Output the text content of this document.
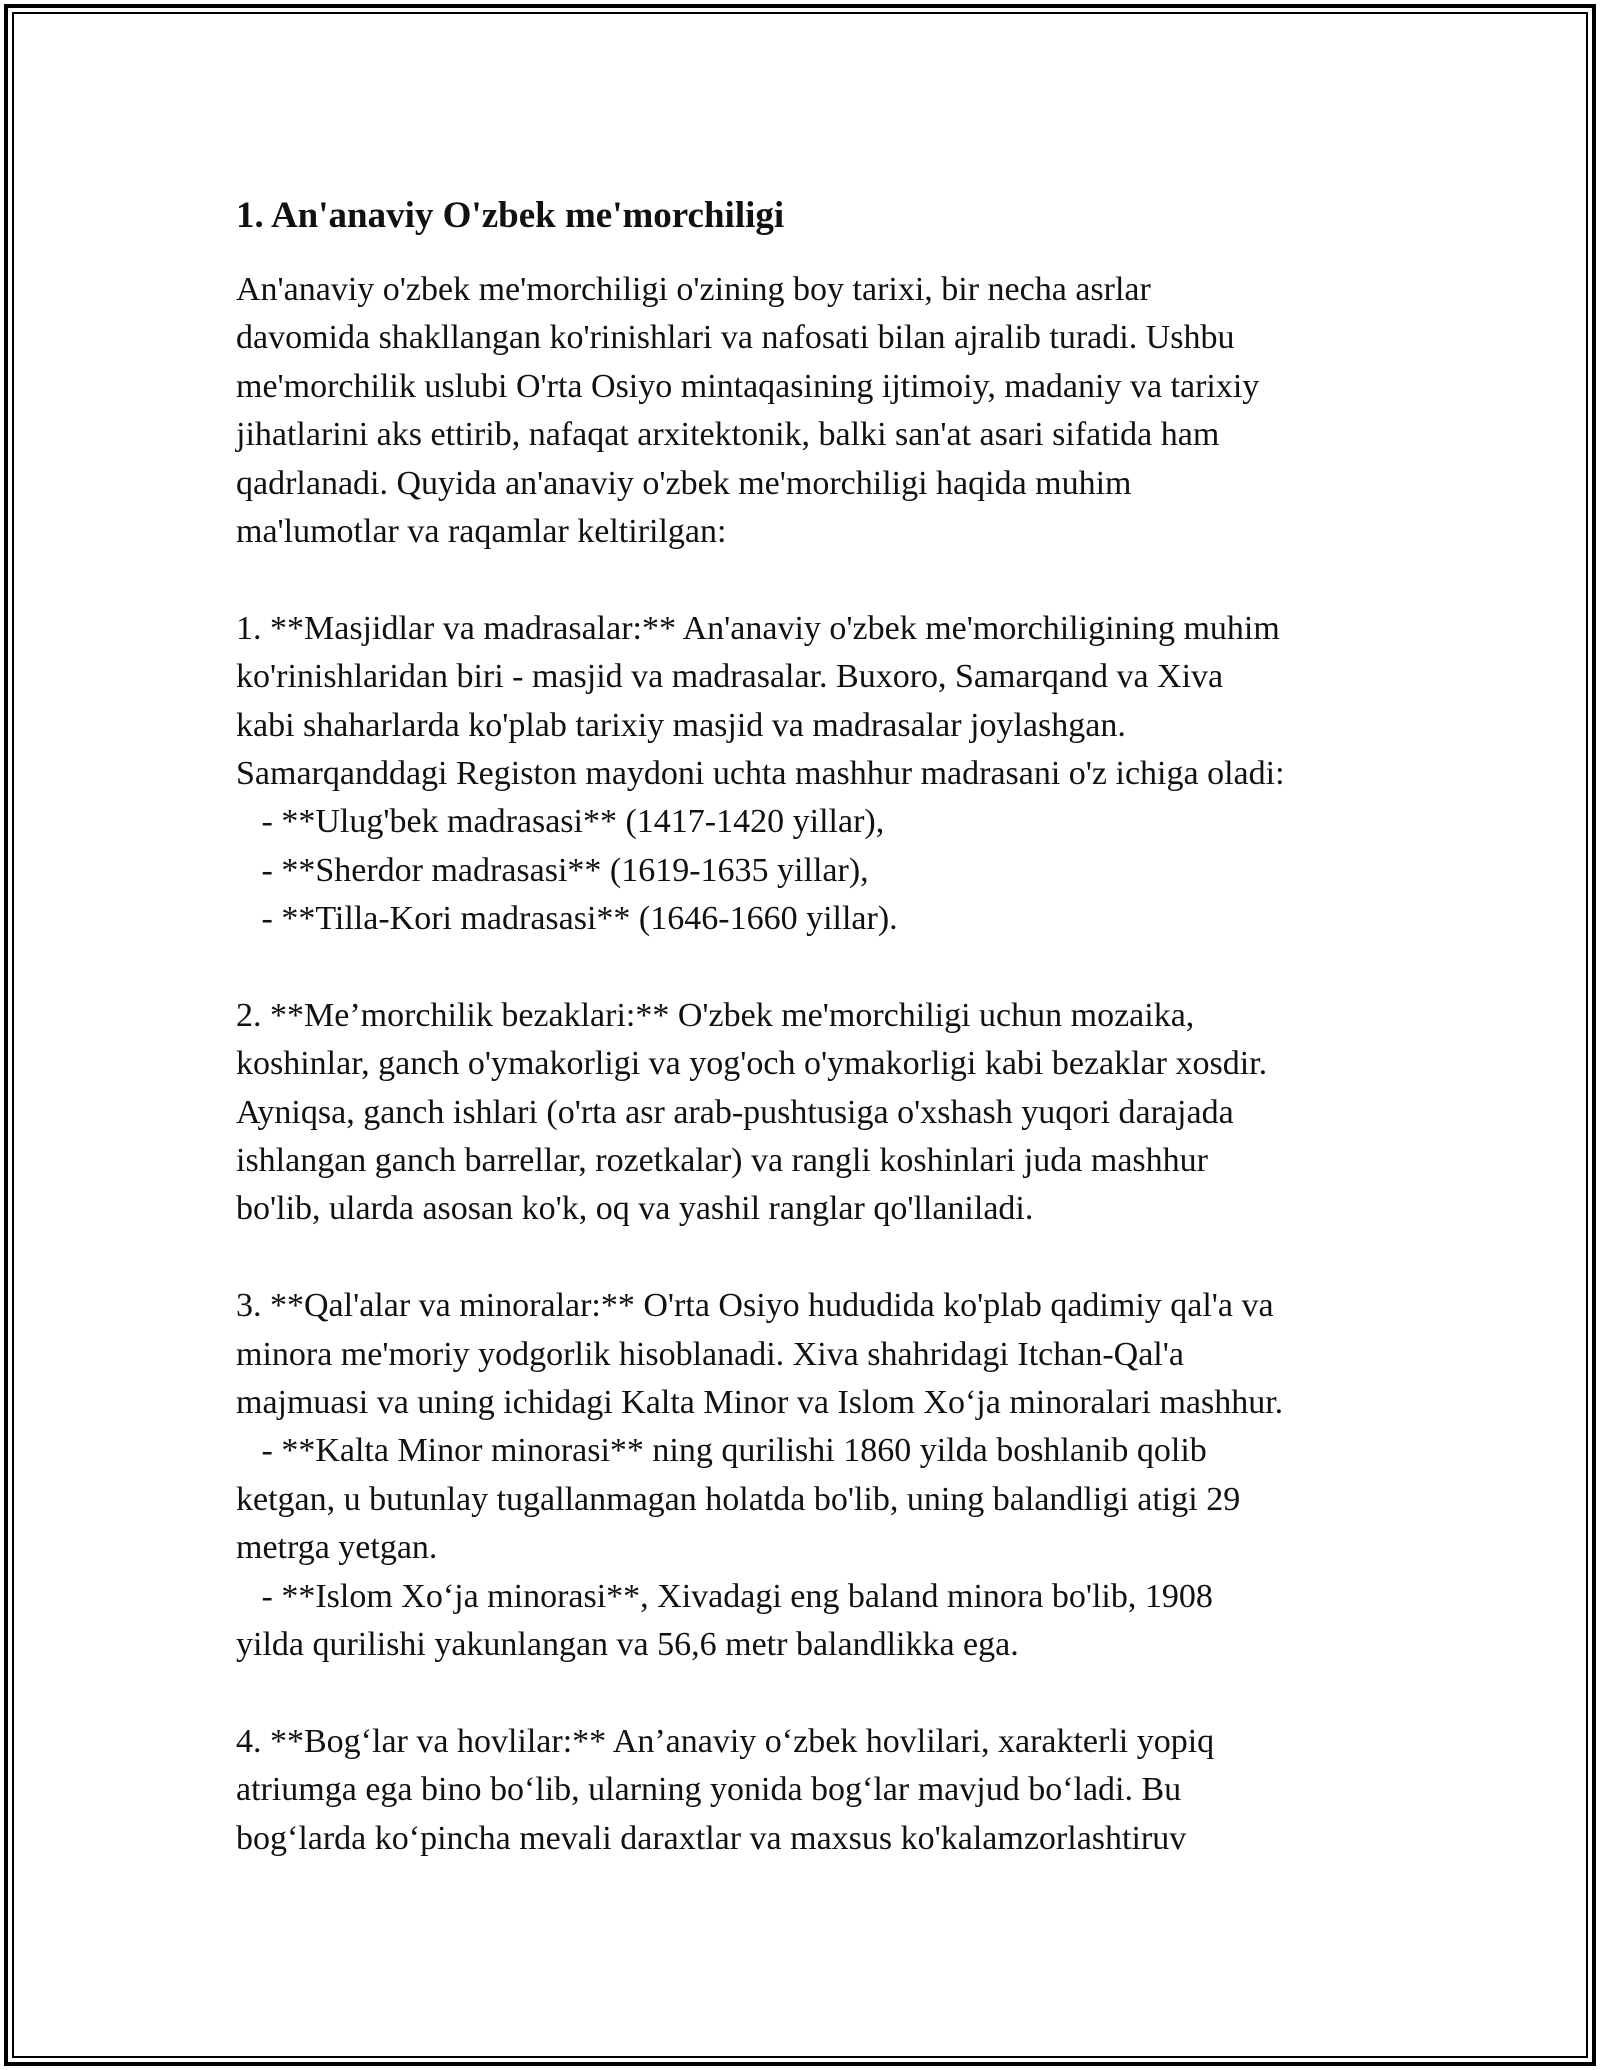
1. An'anaviy O'zbek me'morchiligi
An'anaviy o'zbek me'morchiligi o'zining boy tarixi, bir necha asrlar
davomida shakllangan ko'rinishlari va nafosati bilan ajralib turadi. Ushbu
me'morchilik uslubi O'rta Osiyo mintaqasining ijtimoiy, madaniy va tarixiy
jihatlarini aks ettirib, nafaqat arxitektonik, balki san'at asari sifatida ham
qadrlanadi. Quyida an'anaviy o'zbek me'morchiligi haqida muhim
ma'lumotlar va raqamlar keltirilgan:
1. **Masjidlar va madrasalar:** An'anaviy o'zbek me'morchiligining muhim
ko'rinishlaridan biri - masjid va madrasalar. Buxoro, Samarqand va Xiva
kabi shaharlarda ko'plab tarixiy masjid va madrasalar joylashgan.
Samarqanddagi Registon maydoni uchta mashhur madrasani o'z ichiga oladi:
- **Ulug'bek madrasasi** (1417-1420 yillar),
- **Sherdor madrasasi** (1619-1635 yillar),
- **Tilla-Kori madrasasi** (1646-1660 yillar).
2. **Me’morchilik bezaklari:** O'zbek me'morchiligi uchun mozaika,
koshinlar, ganch o'ymakorligi va yog'och o'ymakorligi kabi bezaklar xosdir.
Ayniqsa, ganch ishlari (o'rta asr arab-pushtusiga o'xshash yuqori darajada
ishlangan ganch barrellar, rozetkalar) va rangli koshinlari juda mashhur
bo'lib, ularda asosan ko'k, oq va yashil ranglar qo'llaniladi.
3. **Qal'alar va minoralar:** O'rta Osiyo hududida ko'plab qadimiy qal'a va
minora me'moriy yodgorlik hisoblanadi. Xiva shahridagi Itchan-Qal'a
majmuasi va uning ichidagi Kalta Minor va Islom Xo‘ja minoralari mashhur.
- **Kalta Minor minorasi** ning qurilishi 1860 yilda boshlanib qolib
ketgan, u butunlay tugallanmagan holatda bo'lib, uning balandligi atigi 29
metrga yetgan.
- **Islom Xo‘ja minorasi**, Xivadagi eng baland minora bo'lib, 1908
yilda qurilishi yakunlangan va 56,6 metr balandlikka ega.
4. **Bog‘lar va hovlilar:** An’anaviy o‘zbek hovlilari, xarakterli yopiq
atriumga ega bino bo‘lib, ularning yonida bog‘lar mavjud bo‘ladi. Bu
bog‘larda ko‘pincha mevali daraxtlar va maxsus ko'kalamzorlashtiruv
